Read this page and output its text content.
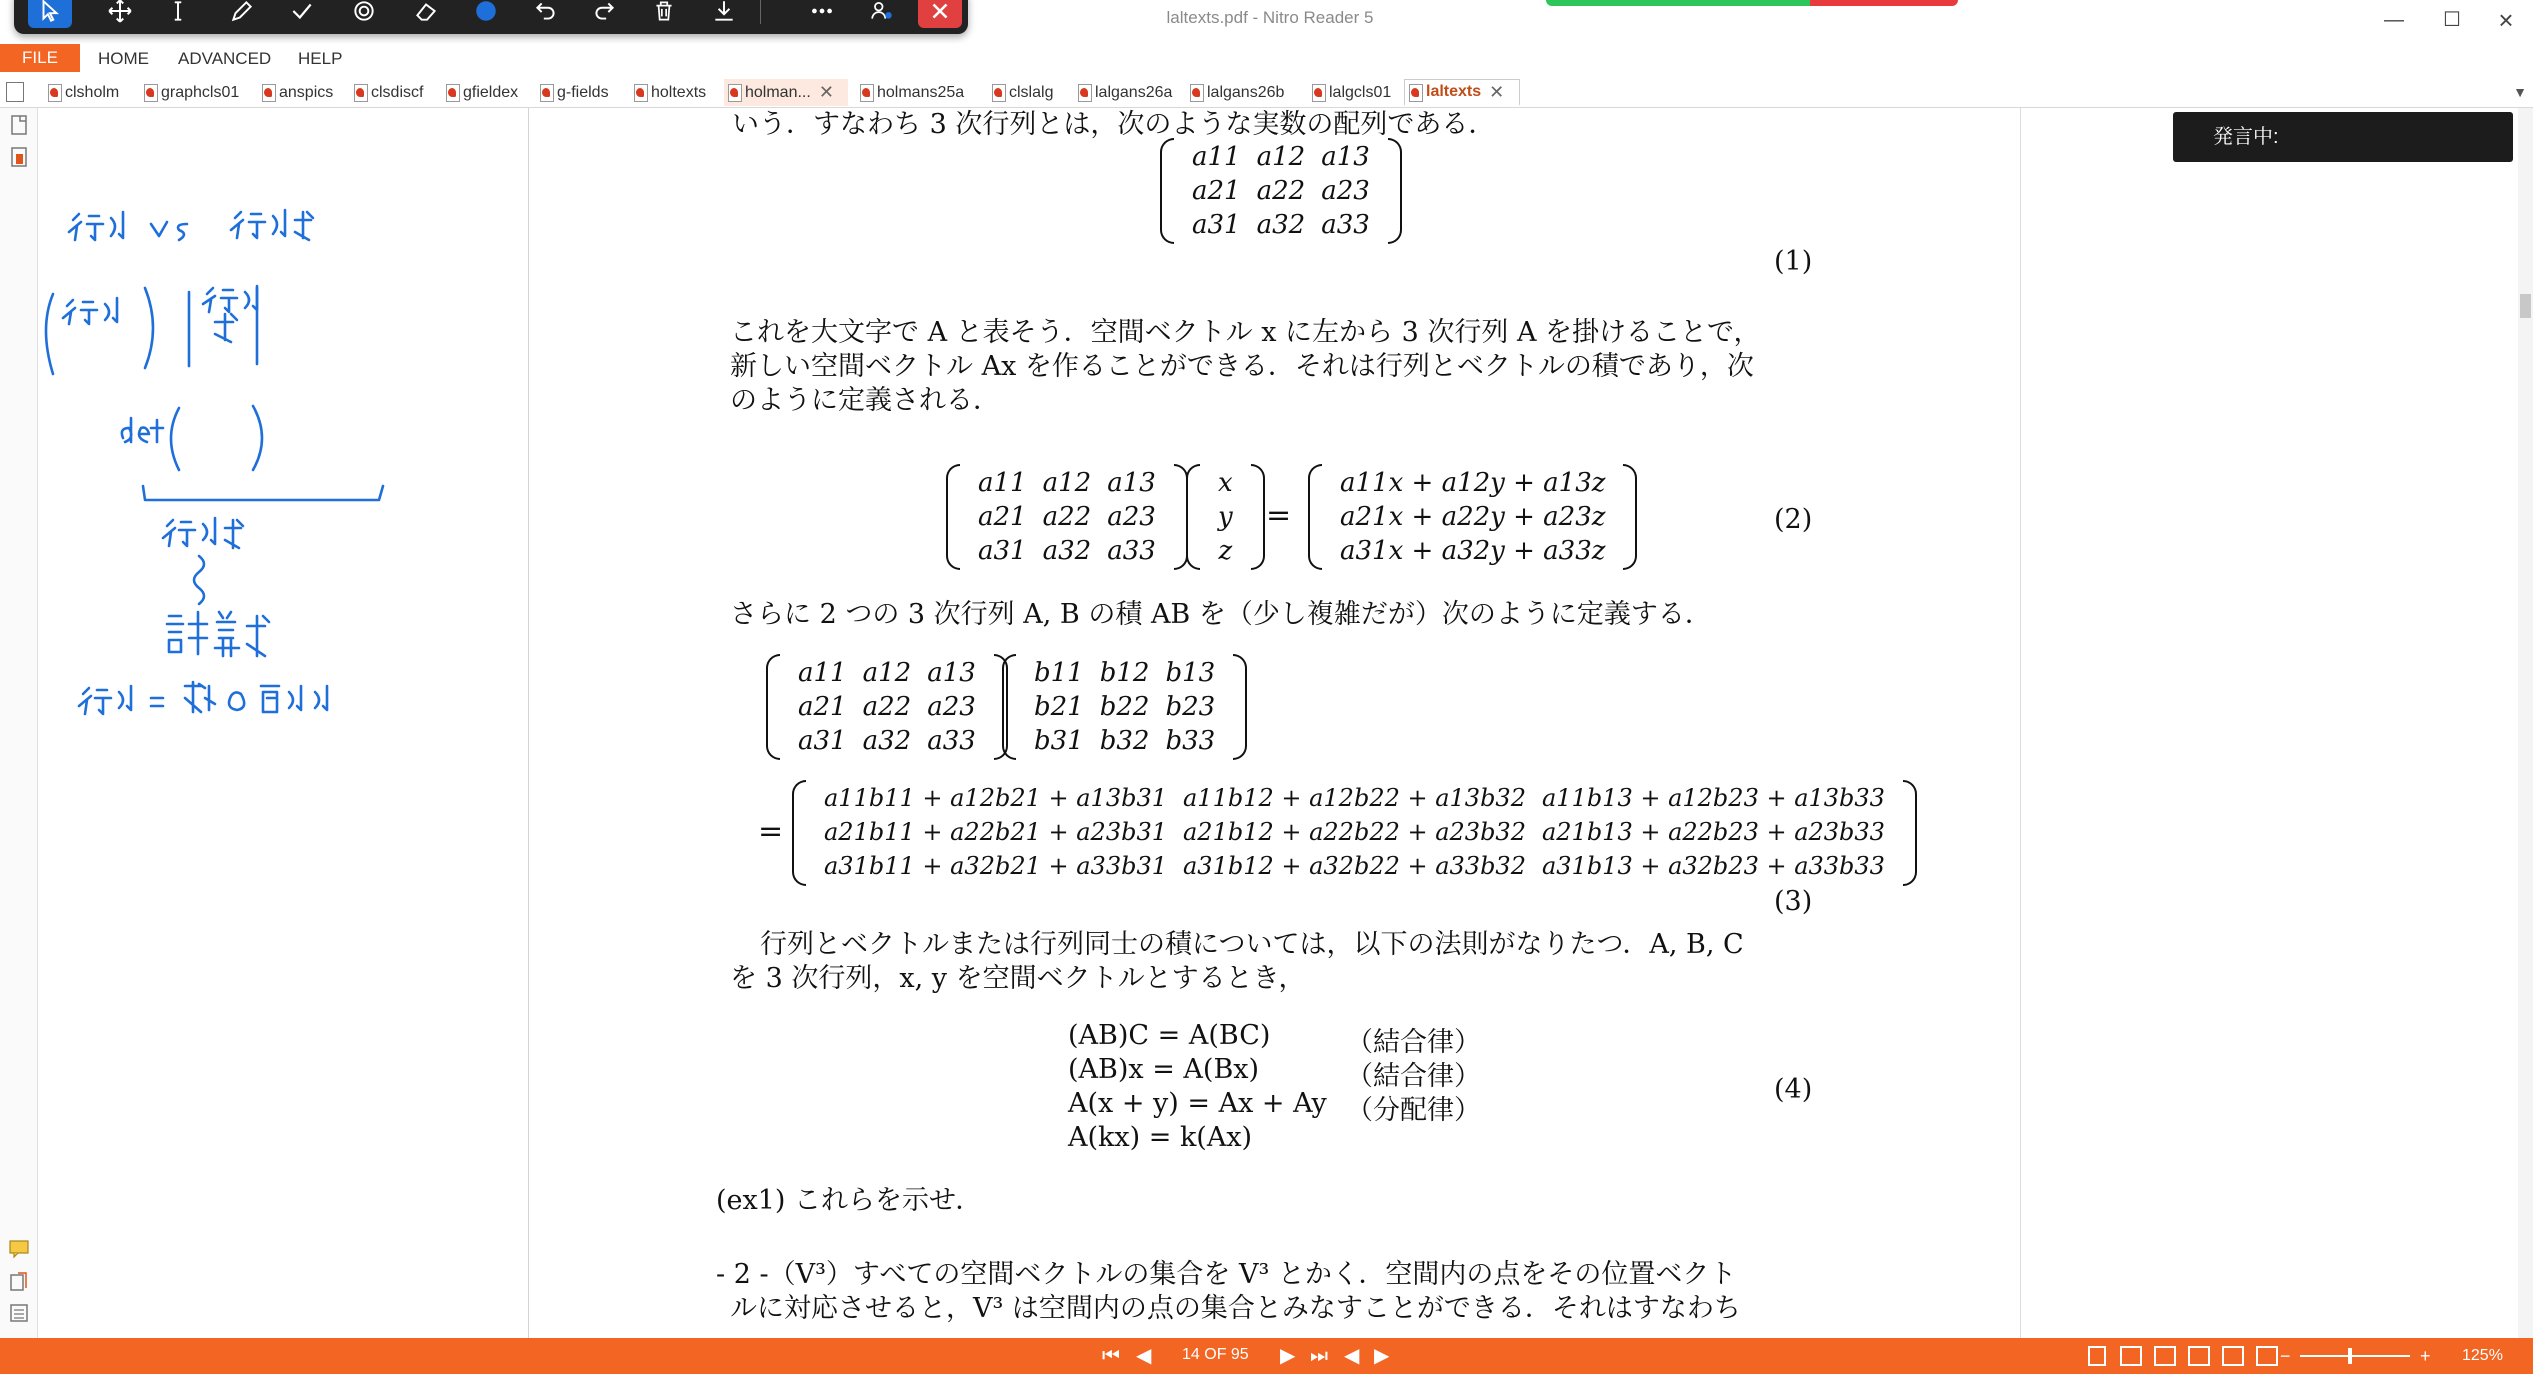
laltexts.pdf - Nitro Reader 5	—	☐	×
FILE	HOME ADVANCED HELP
clsholm	graphcls01 anspics clsdiscf gfieldex g-fields	holtexts holman... ✕	holmans25a	clslalg	lalgans26a lalgans26b	lalgcls01 laltexts ✕	▼
いう．すなわち 3 次行列とは，次のような実数の配列である．
a11 a12 a13
a21 a22 a23
a31 a32 a33
(1)
これを大文字で A と表そう．空間ベクトル x に左から 3 次行列 A を掛けることで，
新しい空間ベクトル Ax を作ることができる．それは行列とベクトルの積であり，次
のように定義される．
a11 a12 a13
a21 a22 a23
a31 a32 a33
x
y
z
=
a11x + a12y + a13z
a21x + a22y + a23z
a31x + a32y + a33z
(2)
さらに 2 つの 3 次行列 A, B の積 AB を（少し複雑だが）次のように定義する．
a11 a12 a13
a21 a22 a23
a31 a32 a33
b11 b12 b13
b21 b22 b23
b31 b32 b33
=
a11b11 + a12b21 + a13b31 a11b12 + a12b22 + a13b32 a11b13 + a12b23 + a13b33
a21b11 + a22b21 + a23b31 a21b12 + a22b22 + a23b32 a21b13 + a22b23 + a23b33
a31b11 + a32b21 + a33b31 a31b12 + a32b22 + a33b32 a31b13 + a32b23 + a33b33
(3)
行列とベクトルまたは行列同士の積については，以下の法則がなりたつ．A, B, C
を 3 次行列，x, y を空間ベクトルとするとき，
(AB)C = A(BC)	（結合律）
(AB)x = A(Bx)	（結合律）
A(x + y) = Ax + Ay （分配律）
A(kx) = k(Ax)
(4)
(ex1) これらを示せ．
- 2 -（V³）すべての空間ベクトルの集合を V³ とかく．空間内の点をその位置ベクト
ルに対応させると，V³ は空間内の点の集合とみなすことができる．それはすなわち
発言中:
⏮ ◀ 14 OF 95 ▶ ⏭ ◀ ▶	−	+ 125%
